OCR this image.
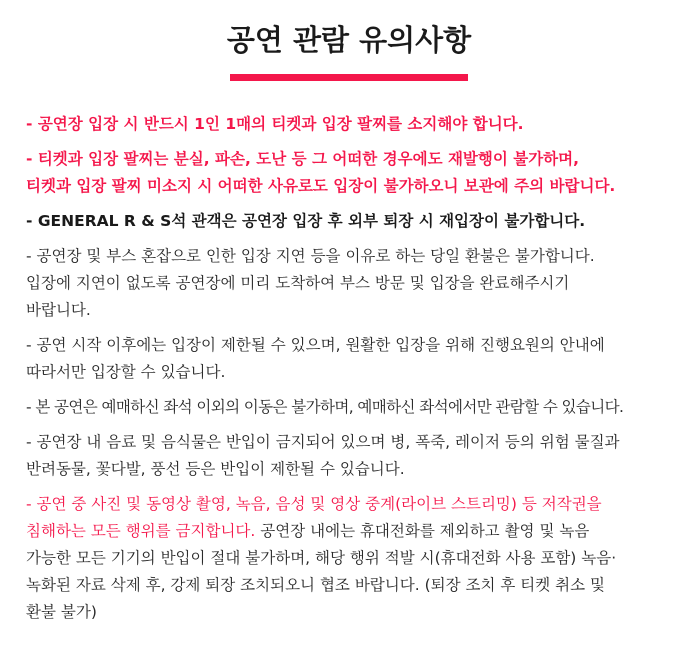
공연 관람 유의사항
- 공연장 입장 시 반드시 1인 1매의 티켓과 입장 팔찌를 소지해야 합니다.
- 티켓과 입장 팔찌는 분실, 파손, 도난 등 그 어떠한 경우에도 재발행이 불가하며,
티켓과 입장 팔찌 미소지 시 어떠한 사유로도 입장이 불가하오니 보관에 주의 바랍니다.
- GENERAL R & S석 관객은 공연장 입장 후 외부 퇴장 시 재입장이 불가합니다.
- 공연장 및 부스 혼잡으로 인한 입장 지연 등을 이유로 하는 당일 환불은 불가합니다.
입장에 지연이 없도록 공연장에 미리 도착하여 부스 방문 및 입장을 완료해주시기
바랍니다.
- 공연 시작 이후에는 입장이 제한될 수 있으며, 원활한 입장을 위해 진행요원의 안내에
따라서만 입장할 수 있습니다.
- 본 공연은 예매하신 좌석 이외의 이동은 불가하며, 예매하신 좌석에서만 관람할 수 있습니다.
- 공연장 내 음료 및 음식물은 반입이 금지되어 있으며 병, 폭죽, 레이저 등의 위험 물질과
반려동물, 꽃다발, 풍선 등은 반입이 제한될 수 있습니다.
- 공연 중 사진 및 동영상 촬영, 녹음, 음성 및 영상 중계(라이브 스트리밍) 등 저작권을
침해하는 모든 행위를 금지합니다. 공연장 내에는 휴대전화를 제외하고 촬영 및 녹음
가능한 모든 기기의 반입이 절대 불가하며, 해당 행위 적발 시(휴대전화 사용 포함) 녹음·
녹화된 자료 삭제 후, 강제 퇴장 조치되오니 협조 바랍니다. (퇴장 조치 후 티켓 취소 및
환불 불가)
